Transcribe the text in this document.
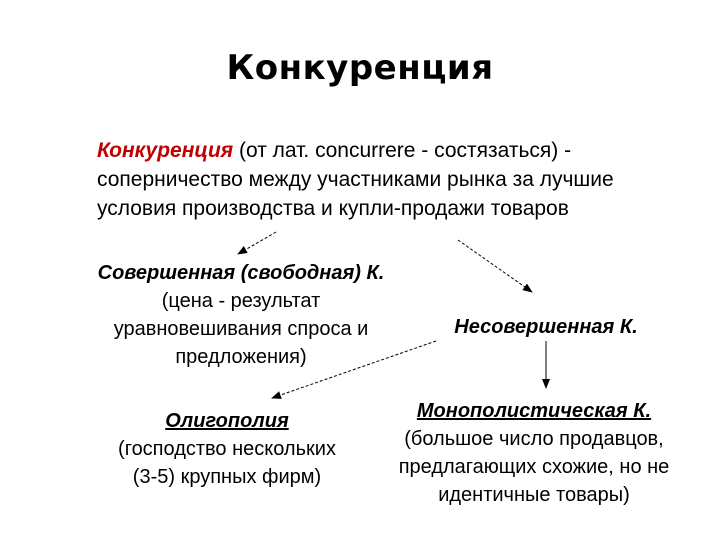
Конкуренция
Конкуренция (от лат. concurrere - состязаться) -
соперничество между участниками рынка за лучшие
условия производства и купли-продажи товаров
Совершенная (свободная) К.
(цена - результат
уравновешивания спроса и
предложения)
Несовершенная К.
Олигополия
(господство нескольких
(3-5) крупных фирм)
Монополистическая К.
(большое число продавцов,
предлагающих схожие, но не
идентичные товары)
